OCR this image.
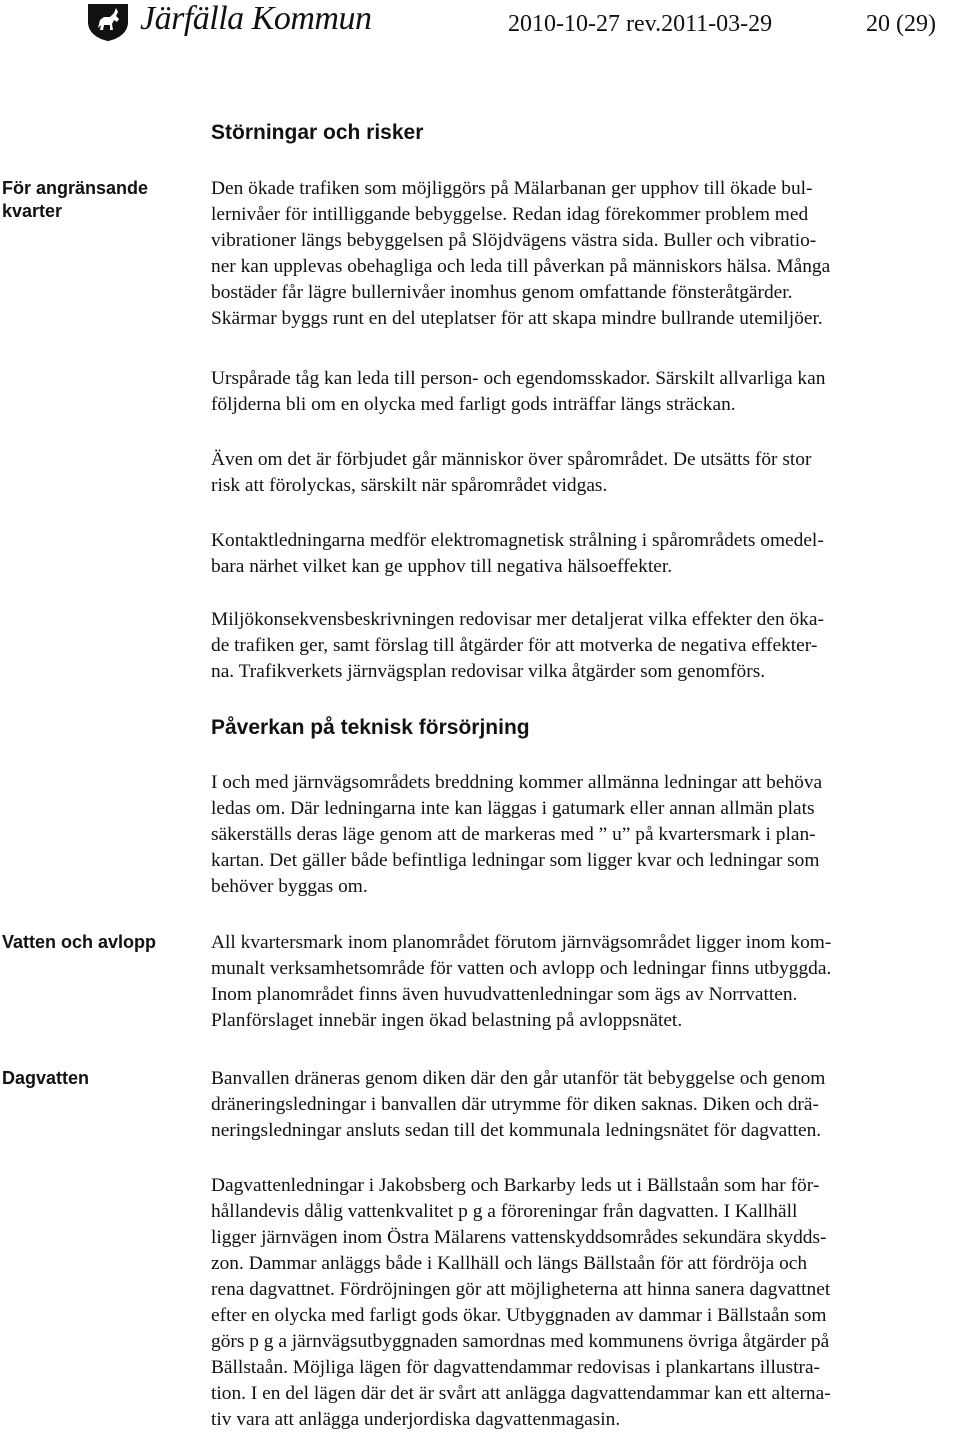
Järfälla Kommun	2010-10-27 rev.2011-03-29	20 (29)
Störningar och risker
För angränsande kvarter
Den ökade trafiken som möjliggörs på Mälarbanan ger upphov till ökade bul-
lernivåer för intilliggande bebyggelse. Redan idag förekommer problem med
vibrationer längs bebyggelsen på Slöjdvägens västra sida. Buller och vibratio-
ner kan upplevas obehagliga och leda till påverkan på människors hälsa. Många
bostäder får lägre bullernivåer inomhus genom omfattande fönsteråtgärder.
Skärmar byggs runt en del uteplatser för att skapa mindre bullrande utemiljöer.
Urspårade tåg kan leda till person- och egendomsskador. Särskilt allvarliga kan
följderna bli om en olycka med farligt gods inträffar längs sträckan.
Även om det är förbjudet går människor över spårområdet. De utsätts för stor
risk att förolyckas, särskilt när spårområdet vidgas.
Kontaktledningarna medför elektromagnetisk strålning i spårområdets omedel-
bara närhet vilket kan ge upphov till negativa hälsoeffekter.
Miljökonsekvensbeskrivningen redovisar mer detaljerat vilka effekter den öka-
de trafiken ger, samt förslag till åtgärder för att motverka de negativa effekter-
na. Trafikverkets järnvägsplan redovisar vilka åtgärder som genomförs.
Påverkan på teknisk försörjning
I och med järnvägsområdets breddning kommer allmänna ledningar att behöva
ledas om. Där ledningarna inte kan läggas i gatumark eller annan allmän plats
säkerställs deras läge genom att de markeras med ” u” på kvartersmark i plan-
kartan. Det gäller både befintliga ledningar som ligger kvar och ledningar som
behöver byggas om.
Vatten och avlopp	All kvartersmark inom planområdet förutom järnvägsområdet ligger inom kom-
munalt verksamhetsområde för vatten och avlopp och ledningar finns utbyggda.
Inom planområdet finns även huvudvattenledningar som ägs av Norrvatten.
Planförslaget innebär ingen ökad belastning på avloppsnätet.
Dagvatten	Banvallen dräneras genom diken där den går utanför tät bebyggelse och genom
dräneringsledningar i banvallen där utrymme för diken saknas. Diken och drä-
neringsledningar ansluts sedan till det kommunala ledningsnätet för dagvatten.
Dagvattenledningar i Jakobsberg och Barkarby leds ut i Bällstaån som har för-
hållandevis dålig vattenkvalitet p g a föroreningar från dagvatten. I Kallhäll
ligger järnvägen inom Östra Mälarens vattenskyddsområdes sekundära skydds-
zon. Dammar anläggs både i Kallhäll och längs Bällstaån för att fördröja och
rena dagvattnet. Fördröjningen gör att möjligheterna att hinna sanera dagvattnet
efter en olycka med farligt gods ökar. Utbyggnaden av dammar i Bällstaån som
görs p g a järnvägsutbyggnaden samordnas med kommunens övriga åtgärder på
Bällstaån. Möjliga lägen för dagvattendammar redovisas i plankartans illustra-
tion. I en del lägen där det är svårt att anlägga dagvattendammar kan ett alterna-
tiv vara att anlägga underjordiska dagvattenmagasin.
